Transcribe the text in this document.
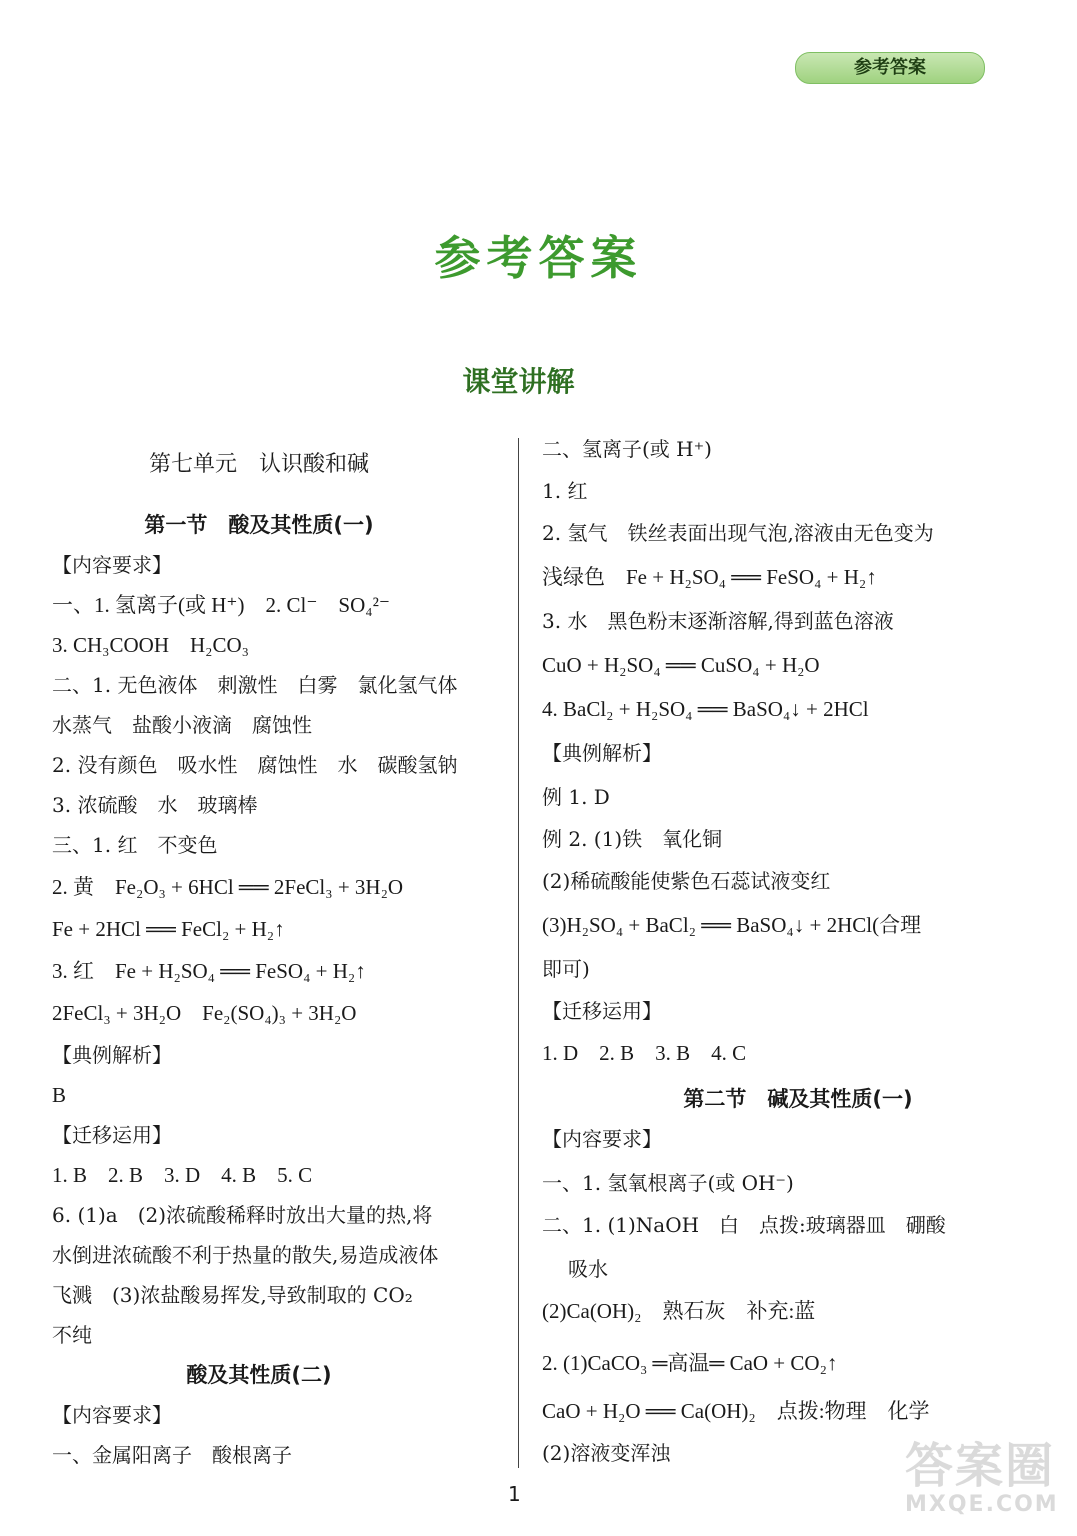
参考答案
参考答案
课堂讲解
第七单元　认识酸和碱
第一节　酸及其性质(一)
【内容要求】
一、1. 氢离子(或 H⁺)　2. Cl⁻　SO₄²⁻
3. CH₃COOH　H₂CO₃
二、1. 无色液体　刺激性　白雾　氯化氢气体
水蒸气　盐酸小液滴　腐蚀性
2. 没有颜色　吸水性　腐蚀性　水　碳酸氢钠
3. 浓硫酸　水　玻璃棒
三、1. 红　不变色
2. 黄　Fe₂O₃ + 6HCl ══ 2FeCl₃ + 3H₂O
Fe + 2HCl ══ FeCl₂ + H₂↑
3. 红　Fe + H₂SO₄ ══ FeSO₄ + H₂↑
2FeCl₃ + 3H₂O　Fe₂(SO₄)₃ + 3H₂O
【典例解析】
B
【迁移运用】
1. B　2. B　3. D　4. B　5. C
6. (1)a　(2)浓硫酸稀释时放出大量的热,将
水倒进浓硫酸不利于热量的散失,易造成液体
飞溅　(3)浓盐酸易挥发,导致制取的 CO₂
不纯
酸及其性质(二)
【内容要求】
一、金属阳离子　酸根离子
二、氢离子(或 H⁺)
1. 红
2. 氢气　铁丝表面出现气泡,溶液由无色变为
浅绿色　Fe + H₂SO₄ ══ FeSO₄ + H₂↑
3. 水　黑色粉末逐渐溶解,得到蓝色溶液
CuO + H₂SO₄ ══ CuSO₄ + H₂O
4. BaCl₂ + H₂SO₄ ══ BaSO₄↓ + 2HCl
【典例解析】
例 1. D
例 2. (1)铁　氧化铜
(2)稀硫酸能使紫色石蕊试液变红
(3)H₂SO₄ + BaCl₂ ══ BaSO₄↓ + 2HCl(合理
即可)
【迁移运用】
1. D　2. B　3. B　4. C
第二节　碱及其性质(一)
【内容要求】
一、1. 氢氧根离子(或 OH⁻)
二、1. (1)NaOH　白　点拨:玻璃器皿　硼酸
吸水
(2)Ca(OH)₂　熟石灰　补充:蓝
2. (1)CaCO₃ ═高温═ CaO + CO₂↑
CaO + H₂O ══ Ca(OH)₂　点拨:物理　化学
(2)溶液变浑浊
1	答案圈
MXQE.COM
